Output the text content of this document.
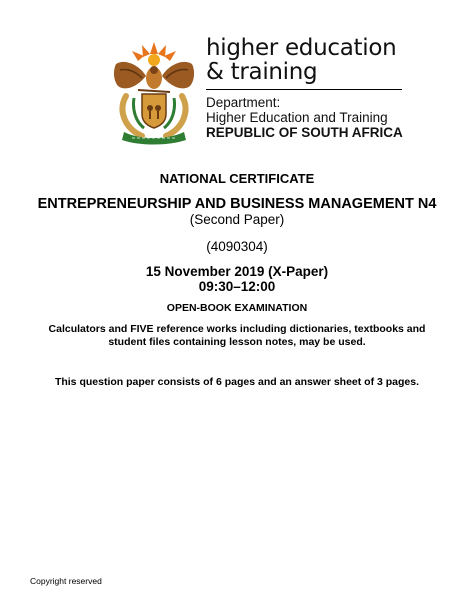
higher education
& training
Department:
Higher Education and Training
REPUBLIC OF SOUTH AFRICA
NATIONAL CERTIFICATE
ENTREPRENEURSHIP AND BUSINESS MANAGEMENT N4
(Second Paper)
(4090304)
15 November 2019 (X-Paper)
09:30–12:00
OPEN-BOOK EXAMINATION
Calculators and FIVE reference works including dictionaries, textbooks and student files containing lesson notes, may be used.
This question paper consists of 6 pages and an answer sheet of 3 pages.
Copyright reserved
